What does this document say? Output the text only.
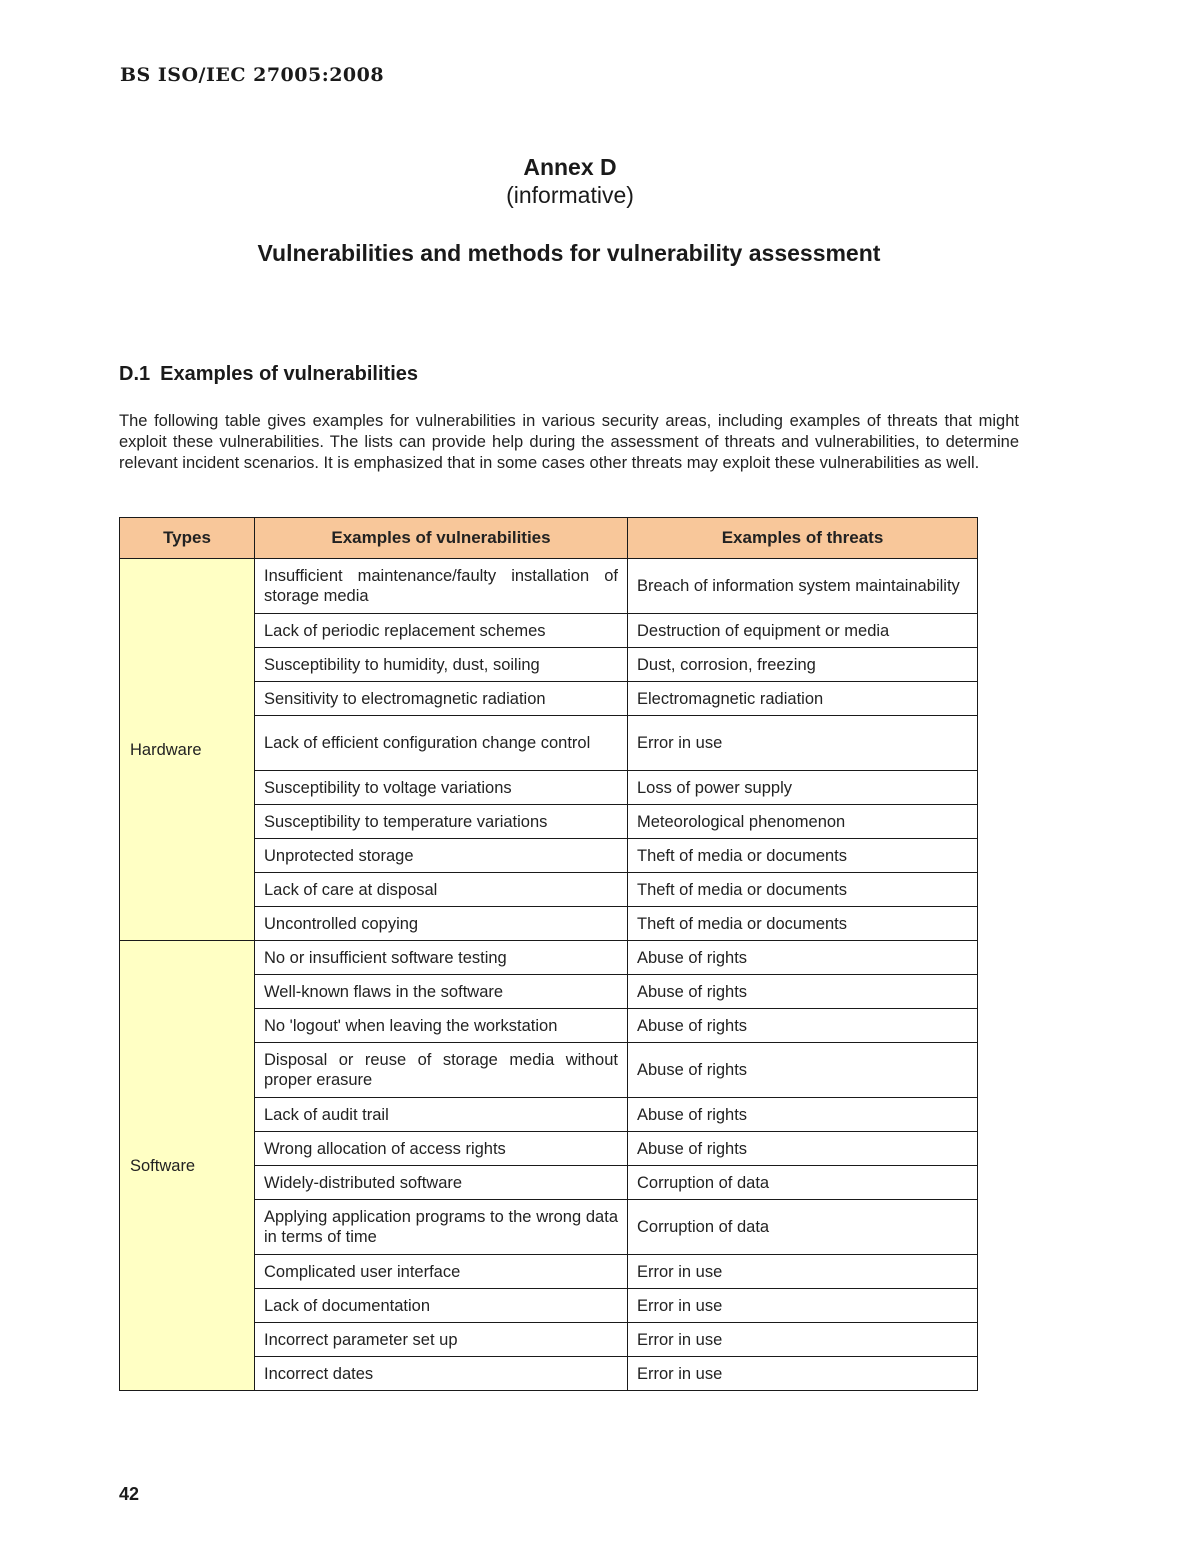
BS ISO/IEC 27005:2008
Annex D
(informative)
Vulnerabilities and methods for vulnerability assessment
D.1 Examples of vulnerabilities
The following table gives examples for vulnerabilities in various security areas, including examples of threats that might exploit these vulnerabilities. The lists can provide help during the assessment of threats and vulnerabilities, to determine relevant incident scenarios. It is emphasized that in some cases other threats may exploit these vulnerabilities as well.
Types	Examples of vulnerabilities	Examples of threats
Hardware	Insufficient maintenance/faulty installation of storage media	Breach of information system maintainability
	Lack of periodic replacement schemes	Destruction of equipment or media
	Susceptibility to humidity, dust, soiling	Dust, corrosion, freezing
	Sensitivity to electromagnetic radiation	Electromagnetic radiation
	Lack of efficient configuration change control	Error in use
	Susceptibility to voltage variations	Loss of power supply
	Susceptibility to temperature variations	Meteorological phenomenon
	Unprotected storage	Theft of media or documents
	Lack of care at disposal	Theft of media or documents
	Uncontrolled copying	Theft of media or documents
Software	No or insufficient software testing	Abuse of rights
	Well-known flaws in the software	Abuse of rights
	No 'logout' when leaving the workstation	Abuse of rights
	Disposal or reuse of storage media without proper erasure	Abuse of rights
	Lack of audit trail	Abuse of rights
	Wrong allocation of access rights	Abuse of rights
	Widely-distributed software	Corruption of data
	Applying application programs to the wrong data in terms of time	Corruption of data
	Complicated user interface	Error in use
	Lack of documentation	Error in use
	Incorrect parameter set up	Error in use
	Incorrect dates	Error in use
42
